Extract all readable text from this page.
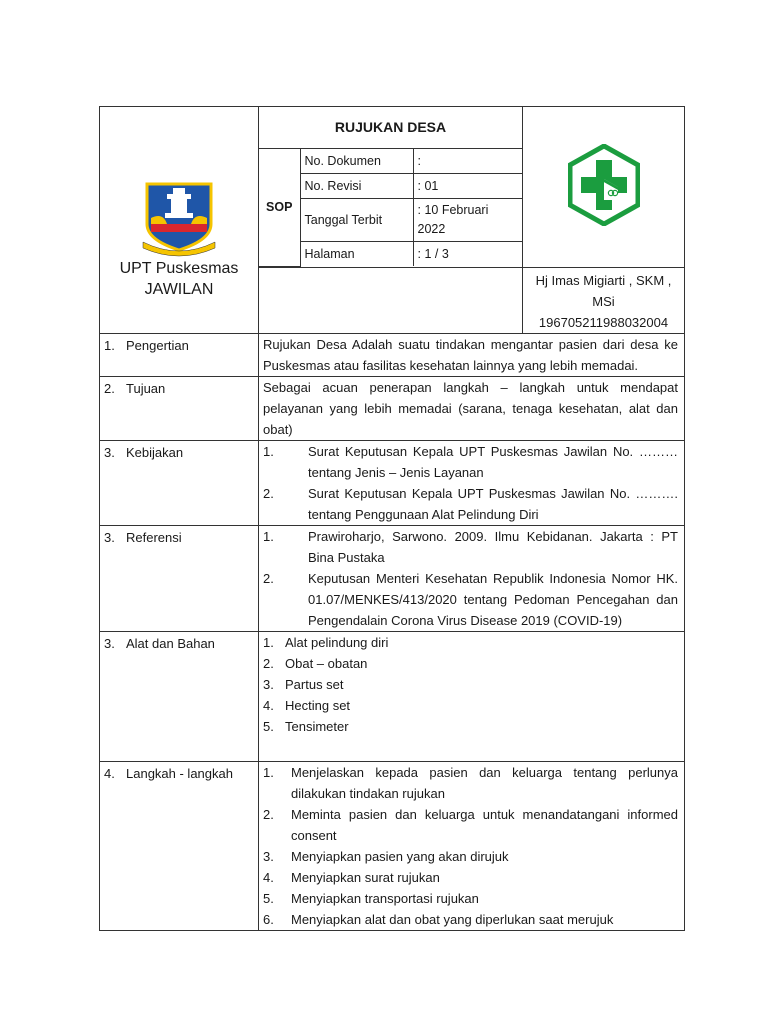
RUJUKAN DESA
SOP	No. Dokumen	:
No. Revisi	: 01
Tanggal Terbit	: 10 Februari 2022
Halaman	: 1 / 3

Hj Imas Migiarti , SKM ,
MSi
196705211988032004

1. Pengertian	Rujukan Desa Adalah suatu tindakan mengantar pasien dari desa ke Puskesmas atau fasilitas kesehatan lainnya yang lebih memadai.
2. Tujuan	Sebagai acuan penerapan langkah – langkah untuk mendapat pelayanan yang lebih memadai (sarana, tenaga kesehatan, alat dan obat)
3. Kebijakan	1.	Surat Keputusan Kepala UPT Puskesmas Jawilan No. ……… tentang Jenis – Jenis Layanan
2.	Surat Keputusan Kepala UPT Puskesmas Jawilan No. ………. tentang Penggunaan Alat Pelindung Diri

3. Referensi	1.	Prawiroharjo, Sarwono. 2009. Ilmu Kebidanan. Jakarta : PT Bina Pustaka
2.	Keputusan Menteri Kesehatan Republik Indonesia Nomor HK. 01.07/MENKES/413/2020 tentang Pedoman Pencegahan dan Pengendalain Corona Virus Disease 2019 (COVID-19)

3. Alat dan Bahan	1. Alat pelindung diri
2. Obat – obatan
3. Partus set
4. Hecting set
5. Tensimeter

4. Langkah - langkah	1. Menjelaskan kepada pasien dan keluarga tentang perlunya dilakukan tindakan rujukan
2. Meminta pasien dan keluarga untuk menandatangani informed consent
3. Menyiapkan pasien yang akan dirujuk
4. Menyiapkan surat rujukan
5. Menyiapkan transportasi rujukan
6. Menyiapkan alat dan obat yang diperlukan saat merujuk
UPT Puskesmas
JAWILAN
